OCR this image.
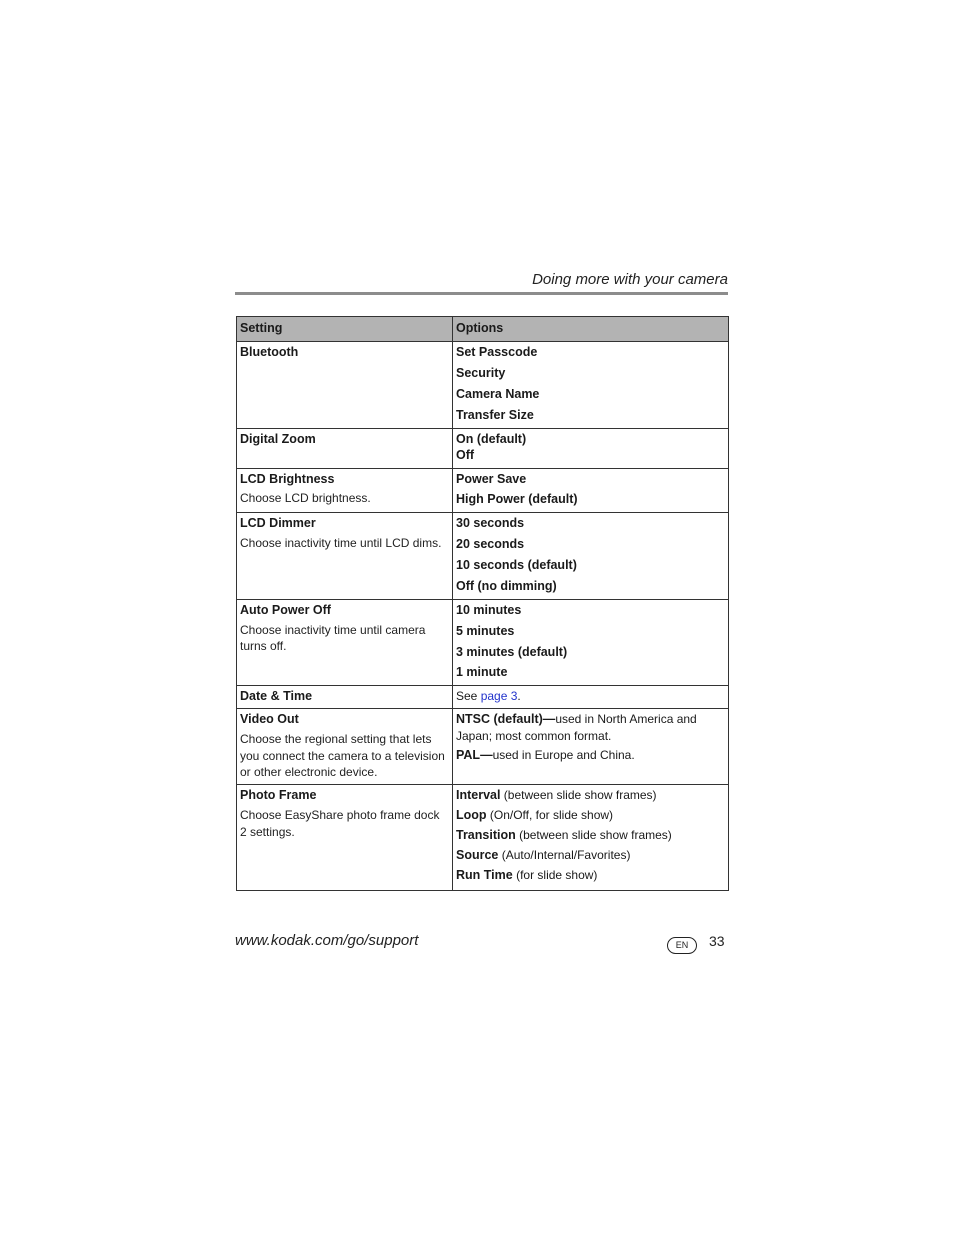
Doing more with your camera
Setting	Options

Bluetooth	Set Passcode
Security
Camera Name
Transfer Size

Digital Zoom	On (default)
Off

LCD Brightness
Choose LCD brightness.	Power Save
High Power (default)

LCD Dimmer
Choose inactivity time until LCD dims.	30 seconds
20 seconds
10 seconds (default)
Off (no dimming)

Auto Power Off
Choose inactivity time until camera turns off.	10 minutes
5 minutes
3 minutes (default)
1 minute

Date & Time	See page 3.

Video Out
Choose the regional setting that lets you connect the camera to a television or other electronic device.	NTSC (default)—used in North America and Japan; most common format.
PAL—used in Europe and China.

Photo Frame
Choose EasyShare photo frame dock 2 settings.	Interval (between slide show frames)
Loop (On/Off, for slide show)
Transition (between slide show frames)
Source (Auto/Internal/Favorites)
Run Time (for slide show)
www.kodak.com/go/support	EN	33
